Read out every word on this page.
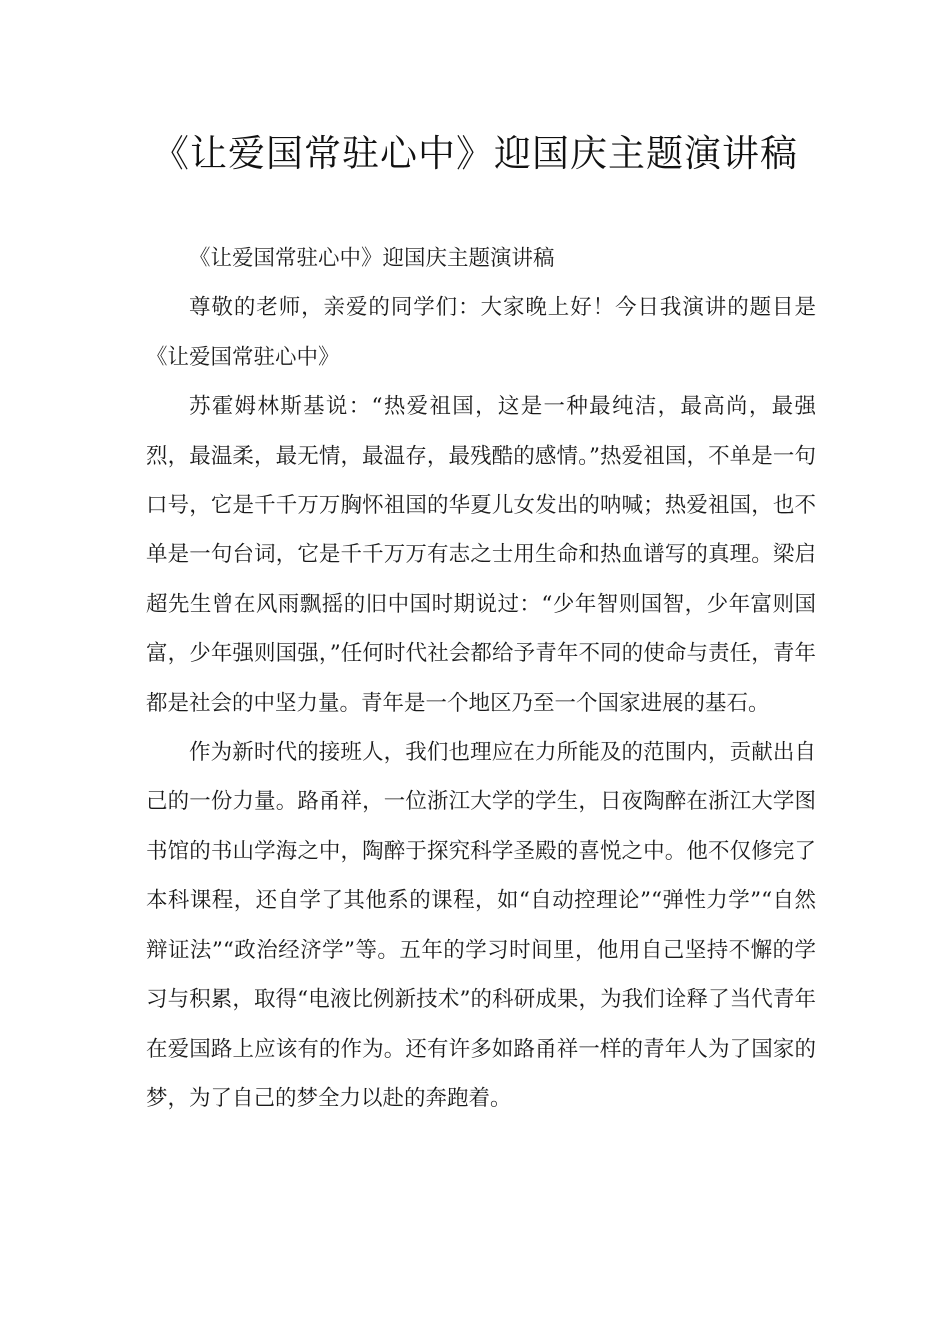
《让爱国常驻心中》迎国庆主题演讲稿

《让爱国常驻心中》迎国庆主题演讲稿

尊敬的老师，亲爱的同学们：大家晚上好！今日我演讲的题目是《让爱国常驻心中》

苏霍姆林斯基说：“热爱祖国，这是一种最纯洁，最高尚，最强烈，最温柔，最无情，最温存，最残酷的感情。”热爱祖国，不单是一句口号，它是千千万万胸怀祖国的华夏儿女发出的呐喊；热爱祖国，也不单是一句台词，它是千千万万有志之士用生命和热血谱写的真理。梁启超先生曾在风雨飘摇的旧中国时期说过：“少年智则国智，少年富则国富，少年强则国强，”任何时代社会都给予青年不同的使命与责任，青年都是社会的中坚力量。青年是一个地区乃至一个国家进展的基石。

作为新时代的接班人，我们也理应在力所能及的范围内，贡献出自己的一份力量。路甬祥，一位浙江大学的学生，日夜陶醉在浙江大学图书馆的书山学海之中，陶醉于探究科学圣殿的喜悦之中。他不仅修完了本科课程，还自学了其他系的课程，如“自动控理论”“弹性力学”“自然辩证法”“政治经济学”等。五年的学习时间里，他用自己坚持不懈的学习与积累，取得“电液比例新技术”的科研成果，为我们诠释了当代青年在爱国路上应该有的作为。还有许多如路甬祥一样的青年人为了国家的梦，为了自己的梦全力以赴的奔跑着。
